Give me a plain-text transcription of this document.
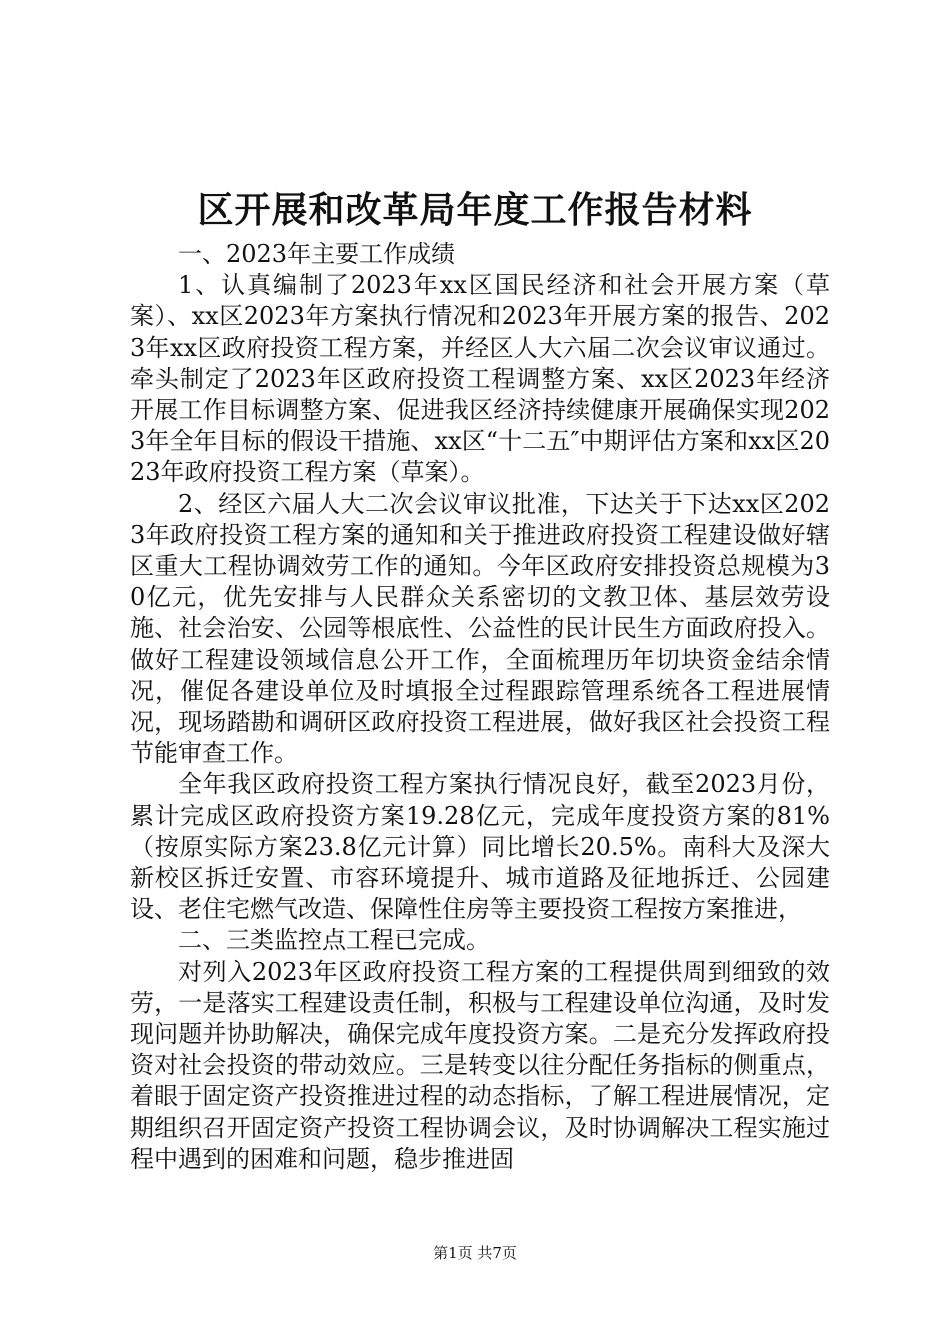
区开展和改革局年度工作报告材料

一、2023年主要工作成绩

1、认真编制了2023年xx区国民经济和社会开展方案（草案）、xx区2023年方案执行情况和2023年开展方案的报告、2023年xx区政府投资工程方案，并经区人大六届二次会议审议通过。牵头制定了2023年区政府投资工程调整方案、xx区2023年经济开展工作目标调整方案、促进我区经济持续健康开展确保实现2023年全年目标的假设干措施、xx区“十二五″中期评估方案和xx区2023年政府投资工程方案（草案）。

2、经区六届人大二次会议审议批准，下达关于下达xx区2023年政府投资工程方案的通知和关于推进政府投资工程建设做好辖区重大工程协调效劳工作的通知。今年区政府安排投资总规模为30亿元，优先安排与人民群众关系密切的文教卫体、基层效劳设施、社会治安、公园等根底性、公益性的民计民生方面政府投入。做好工程建设领域信息公开工作，全面梳理历年切块资金结余情况，催促各建设单位及时填报全过程跟踪管理系统各工程进展情况，现场踏勘和调研区政府投资工程进展，做好我区社会投资工程节能审查工作。

全年我区政府投资工程方案执行情况良好，截至2023月份，累计完成区政府投资方案19.28亿元，完成年度投资方案的81%（按原实际方案23.8亿元计算）同比增长20.5%。南科大及深大新校区拆迁安置、市容环境提升、城市道路及征地拆迁、公园建设、老住宅燃气改造、保障性住房等主要投资工程按方案推进，

二、三类监控点工程已完成。

对列入2023年区政府投资工程方案的工程提供周到细致的效劳，一是落实工程建设责任制，积极与工程建设单位沟通，及时发现问题并协助解决，确保完成年度投资方案。二是充分发挥政府投资对社会投资的带动效应。三是转变以往分配任务指标的侧重点，着眼于固定资产投资推进过程的动态指标，了解工程进展情况，定期组织召开固定资产投资工程协调会议，及时协调解决工程实施过程中遇到的困难和问题，稳步推进固

第1页 共7页
